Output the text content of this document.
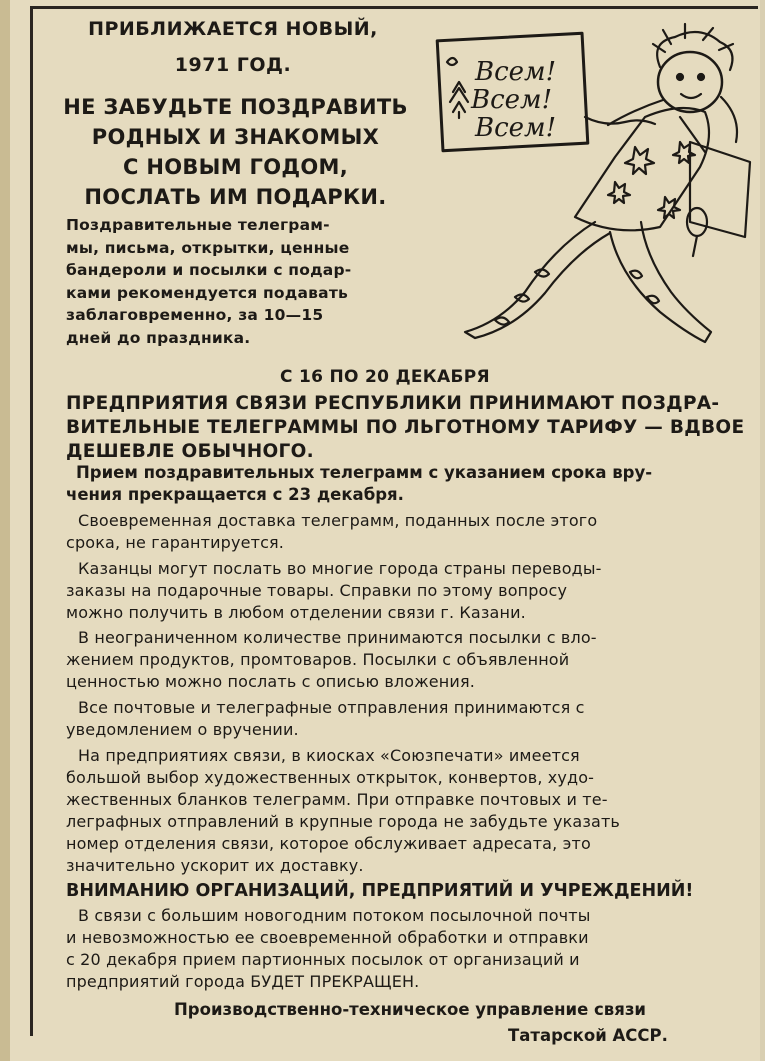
ПРИБЛИЖАЕТСЯ НОВЫЙ,
1971 ГОД.
НЕ ЗАБУДЬТЕ ПОЗДРАВИТЬ
РОДНЫХ И ЗНАКОМЫХ
С НОВЫМ ГОДОМ,
ПОСЛАТЬ ИМ ПОДАРКИ.
Поздравительные телеграм-
мы, письма, открытки, ценные
бандероли и посылки с подар-
ками рекомендуется подавать
заблаговременно, за 10—15
дней до праздника.
Всем!
Всем!
Всем!
С 16 ПО 20 ДЕКАБРЯ
ПРЕДПРИЯТИЯ СВЯЗИ РЕСПУБЛИКИ ПРИНИМАЮТ ПОЗДРА-
ВИТЕЛЬНЫЕ ТЕЛЕГРАММЫ ПО ЛЬГОТНОМУ ТАРИФУ — ВДВОЕ
ДЕШЕВЛЕ ОБЫЧНОГО.
Прием поздравительных телеграмм с указанием срока вру-
чения прекращается с 23 декабря.
Своевременная доставка телеграмм, поданных после этого
срока, не гарантируется.
Казанцы могут послать во многие города страны переводы-
заказы на подарочные товары. Справки по этому вопросу
можно получить в любом отделении связи г. Казани.
В неограниченном количестве принимаются посылки с вло-
жением продуктов, промтоваров. Посылки с объявленной
ценностью можно послать с описью вложения.
Все почтовые и телеграфные отправления принимаются с
уведомлением о вручении.
На предприятиях связи, в киосках «Союзпечати» имеется
большой выбор художественных открыток, конвертов, худо-
жественных бланков телеграмм. При отправке почтовых и те-
леграфных отправлений в крупные города не забудьте указать
номер отделения связи, которое обслуживает адресата, это
значительно ускорит их доставку.
ВНИМАНИЮ ОРГАНИЗАЦИЙ, ПРЕДПРИЯТИЙ И УЧРЕЖДЕНИЙ!
В связи с большим новогодним потоком посылочной почты
и невозможностью ее своевременной обработки и отправки
с 20 декабря прием партионных посылок от организаций и
предприятий города БУДЕТ ПРЕКРАЩЕН.
Производственно-техническое управление связи
Татарской АССР.
